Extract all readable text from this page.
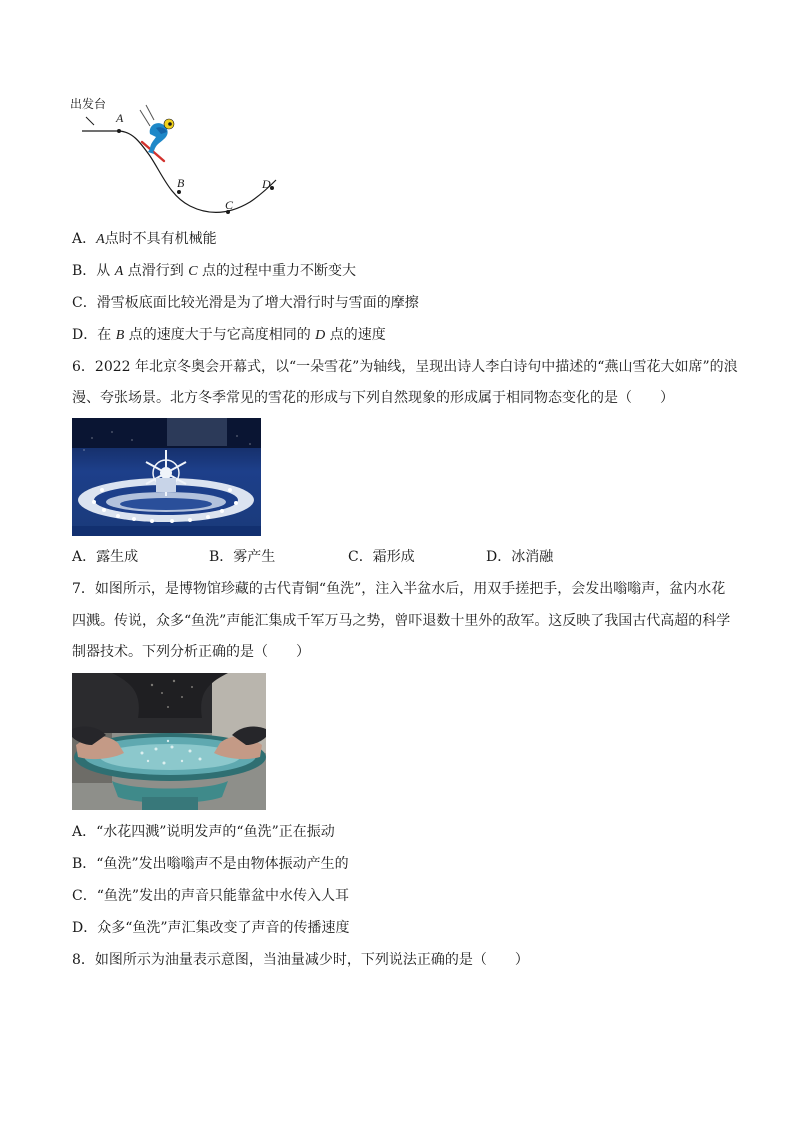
出发台
A
B
C
D
A．A点时不具有机械能
B．从 A 点滑行到 C 点的过程中重力不断变大
C．滑雪板底面比较光滑是为了增大滑行时与雪面的摩擦
D．在 B 点的速度大于与它高度相同的 D 点的速度
6．2022 年北京冬奥会开幕式，以“一朵雪花”为轴线，呈现出诗人李白诗句中描述的“燕山雪花大如席”的浪
漫、夸张场景。北方冬季常见的雪花的形成与下列自然现象的形成属于相同物态变化的是（　　）
A．露生成	B．雾产生	C．霜形成	D．冰消融
7．如图所示，是博物馆珍藏的古代青铜“鱼洗”，注入半盆水后，用双手搓把手，会发出嗡嗡声，盆内水花
四溅。传说，众多“鱼洗”声能汇集成千军万马之势，曾吓退数十里外的敌军。这反映了我国古代高超的科学
制器技术。下列分析正确的是（　　）
A．“水花四溅”说明发声的“鱼洗”正在振动
B．“鱼洗”发出嗡嗡声不是由物体振动产生的
C．“鱼洗”发出的声音只能靠盆中水传入人耳
D．众多“鱼洗”声汇集改变了声音的传播速度
8．如图所示为油量表示意图，当油量减少时，下列说法正确的是（　　）
